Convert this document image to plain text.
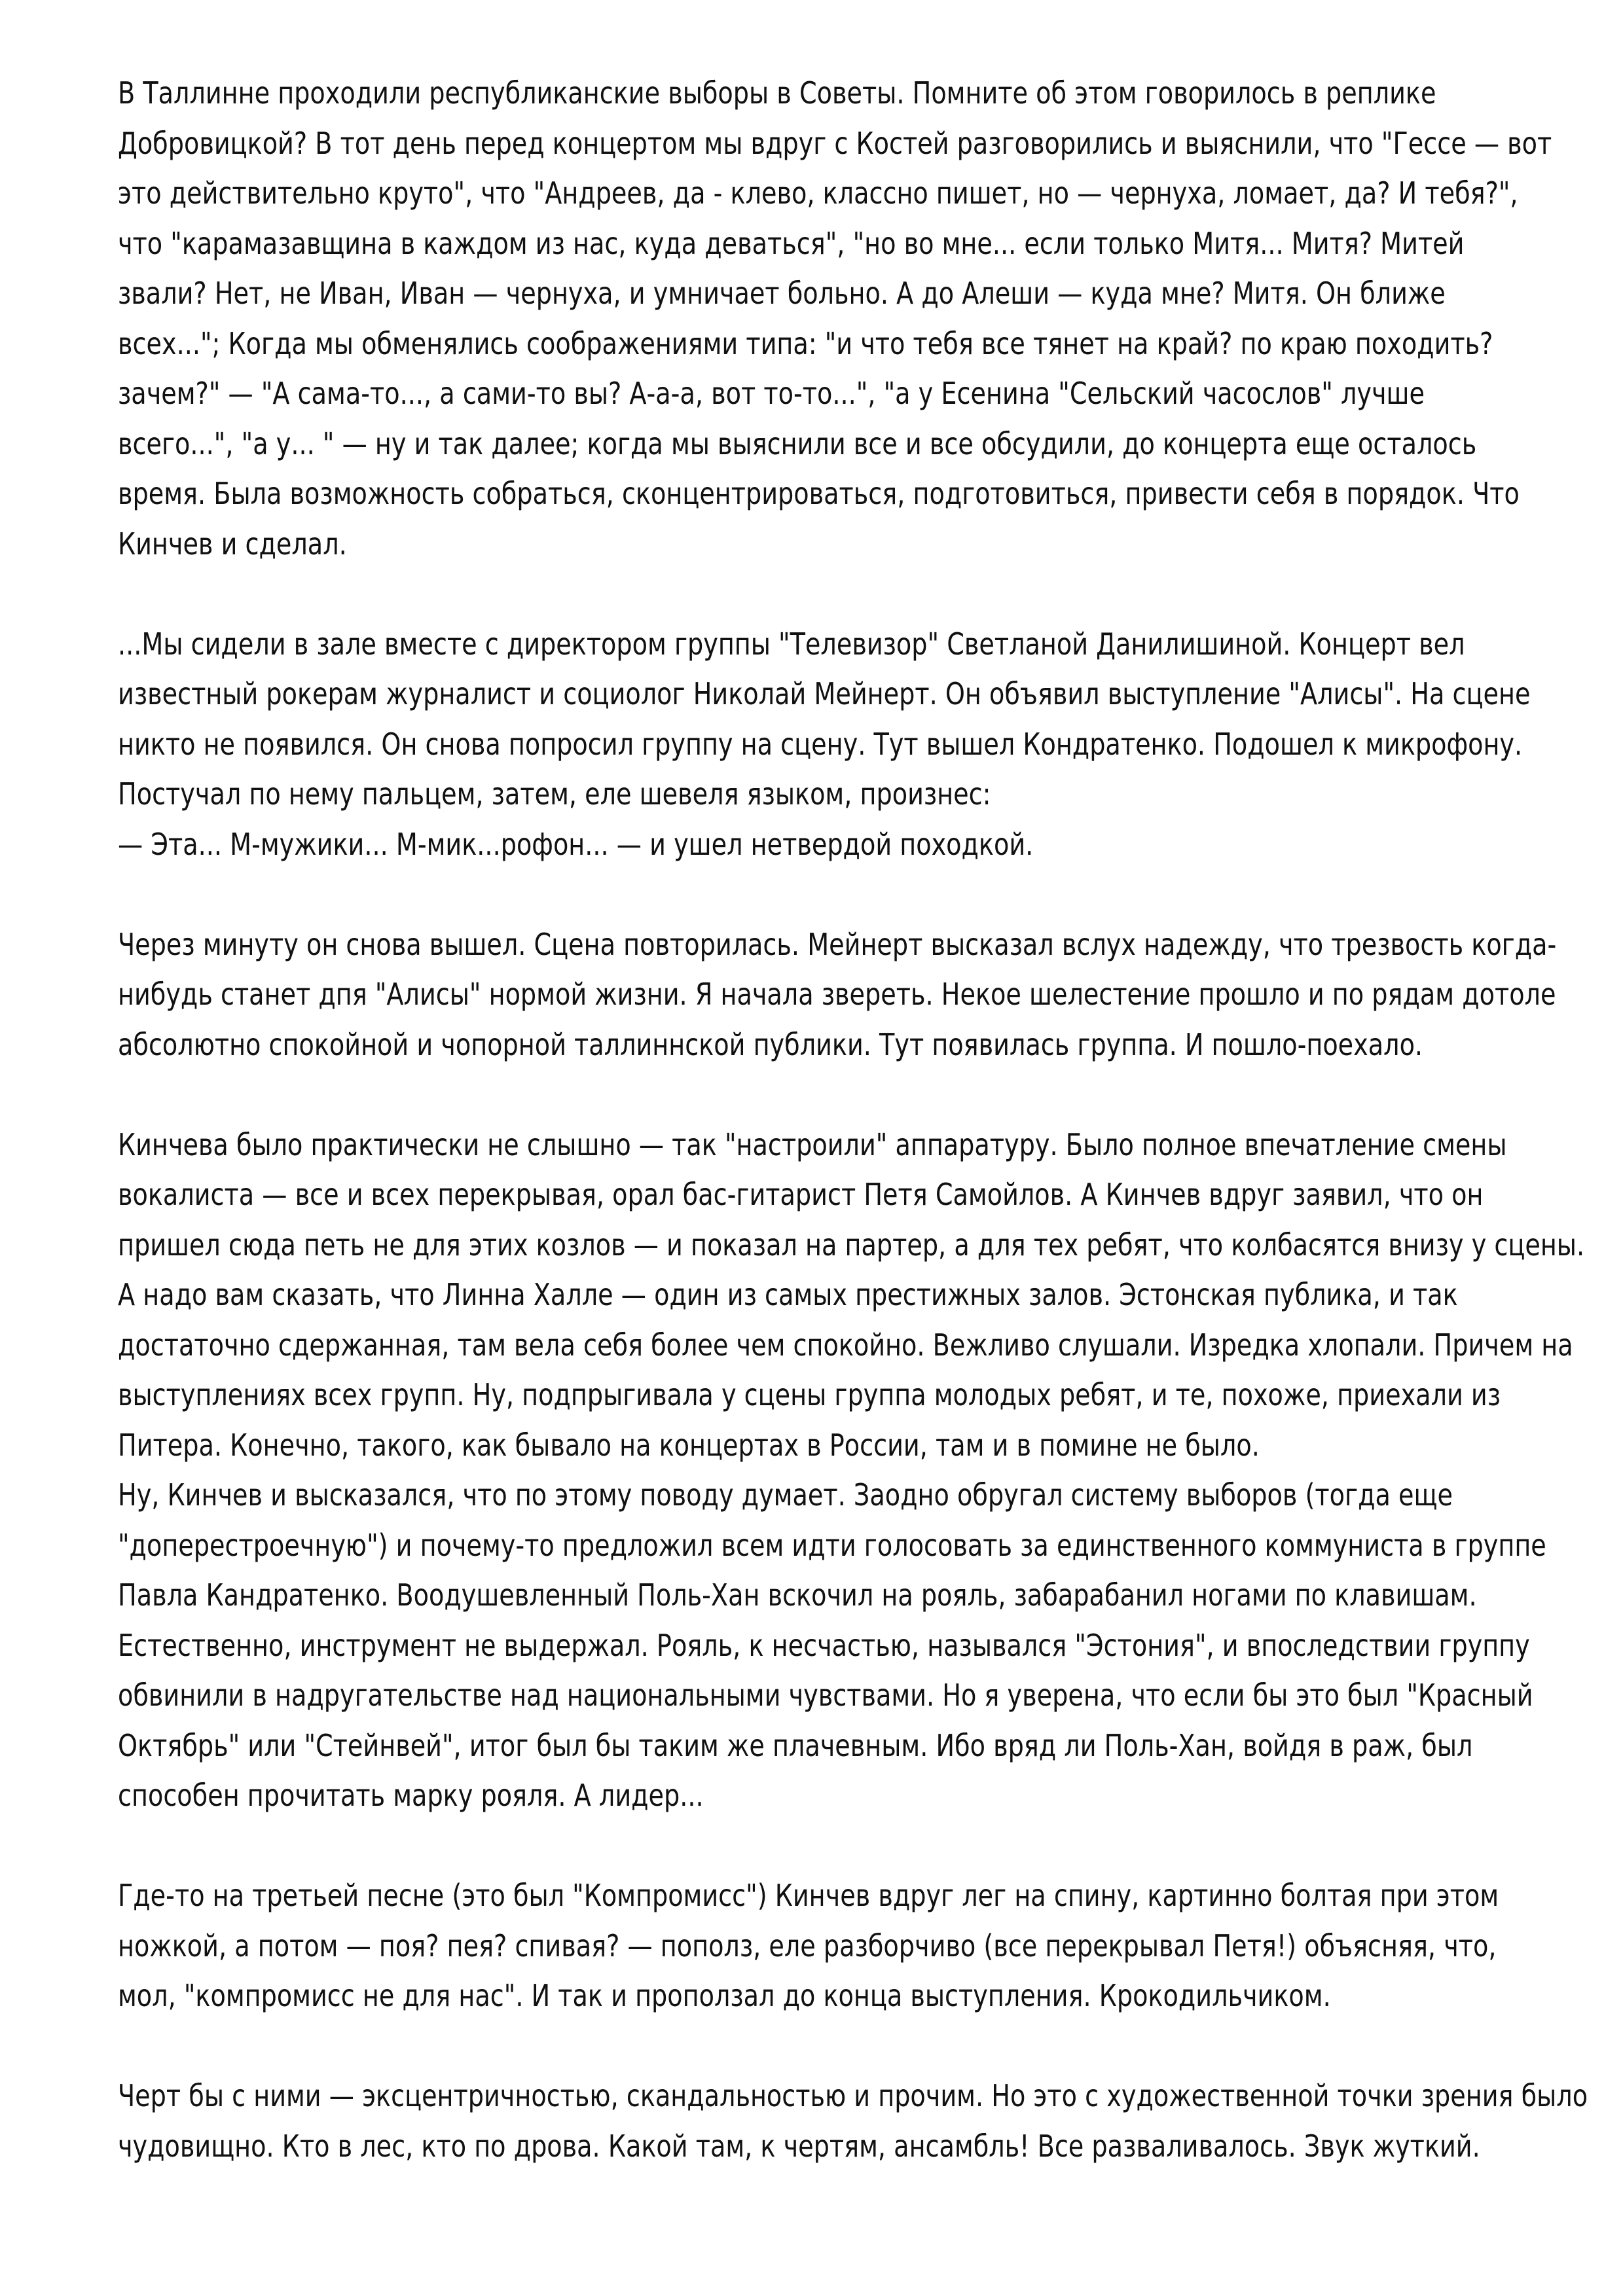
В Таллинне проходили республиканские выборы в Советы. Помните об этом говорилось в реплике
Добровицкой? В тот день перед концертом мы вдруг с Костей разговорились и выяснили, что "Гессе — вот
это действительно круто", что "Андреев, да - клево, классно пишет, но — чернуха, ломает, да? И тебя?",
что "карамазавщина в каждом из нас, куда деваться", "но во мне... если только Митя... Митя? Митей
звали? Нет, не Иван, Иван — чернуха, и умничает больно. А до Алеши — куда мне? Митя. Он ближе
всех..."; Когда мы обменялись соображениями типа: "и что тебя все тянет на край? по краю походить?
зачем?" — "А сама-то..., а сами-то вы? А-а-а, вот то-то...", "а у Есенина "Сельский часослов" лучше
всего...", "а у... " — ну и так далее; когда мы выяснили все и все обсудили, до концерта еще осталось
время. Была возможность собраться, сконцентрироваться, подготовиться, привести себя в порядок. Что
Кинчев и сделал.
...Мы сидели в зале вместе с директором группы "Телевизор" Светланой Данилишиной. Концерт вел
известный рокерам журналист и социолог Николай Мейнерт. Он объявил выступление "Алисы". На сцене
никто не появился. Он снова попросил группу на сцену. Тут вышел Кондратенко. Подошел к микрофону.
Постучал по нему пальцем, затем, еле шевеля языком, произнес:
— Эта... М-мужики... М-мик...рофон... — и ушел нетвердой походкой.
Через минуту он снова вышел. Сцена повторилась. Мейнерт высказал вслух надежду, что трезвость когда-
нибудь станет дпя "Алисы" нормой жизни. Я начала звереть. Некое шелестение прошло и по рядам дотоле
абсолютно спокойной и чопорной таллиннской публики. Тут появилась группа. И пошло-поехало.
Кинчева было практически не слышно — так "настроили" аппаратуру. Было полное впечатление смены
вокалиста — все и всех перекрывая, орал бас-гитарист Петя Самойлов. А Кинчев вдруг заявил, что он
пришел сюда петь не для этих козлов — и показал на партер, а для тех ребят, что колбасятся внизу у сцены.
А надо вам сказать, что Линна Халле — один из самых престижных залов. Эстонская публика, и так
достаточно сдержанная, там вела себя более чем спокойно. Вежливо слушали. Изредка хлопали. Причем на
выступлениях всех групп. Ну, подпрыгивала у сцены группа молодых ребят, и те, похоже, приехали из
Питера. Конечно, такого, как бывало на концертах в России, там и в помине не было.
Ну, Кинчев и высказался, что по этому поводу думает. Заодно обругал систему выборов (тогда еще
"доперестроечную") и почему-то предложил всем идти голосовать за единственного коммуниста в группе
Павла Кандратенко. Воодушевленный Поль-Хан вскочил на рояль, забарабанил ногами по клавишам.
Естественно, инструмент не выдержал. Рояль, к несчастью, назывался "Эстония", и впоследствии группу
обвинили в надругательстве над национальными чувствами. Но я уверена, что если бы это был "Красный
Октябрь" или "Стейнвей", итог был бы таким же плачевным. Ибо вряд ли Поль-Хан, войдя в раж, был
способен прочитать марку рояля. А лидер...
Где-то на третьей песне (это был "Компромисс") Кинчев вдруг лег на спину, картинно болтая при этом
ножкой, а потом — поя? пея? спивая? — пополз, еле разборчиво (все перекрывал Петя!) объясняя, что,
мол, "компромисс не для нас". И так и проползал до конца выступления. Крокодильчиком.
Черт бы с ними — эксцентричностью, скандальностью и прочим. Но это с художественной точки зрения было
чудовищно. Кто в лес, кто по дрова. Какой там, к чертям, ансамбль! Все разваливалось. Звук жуткий.
